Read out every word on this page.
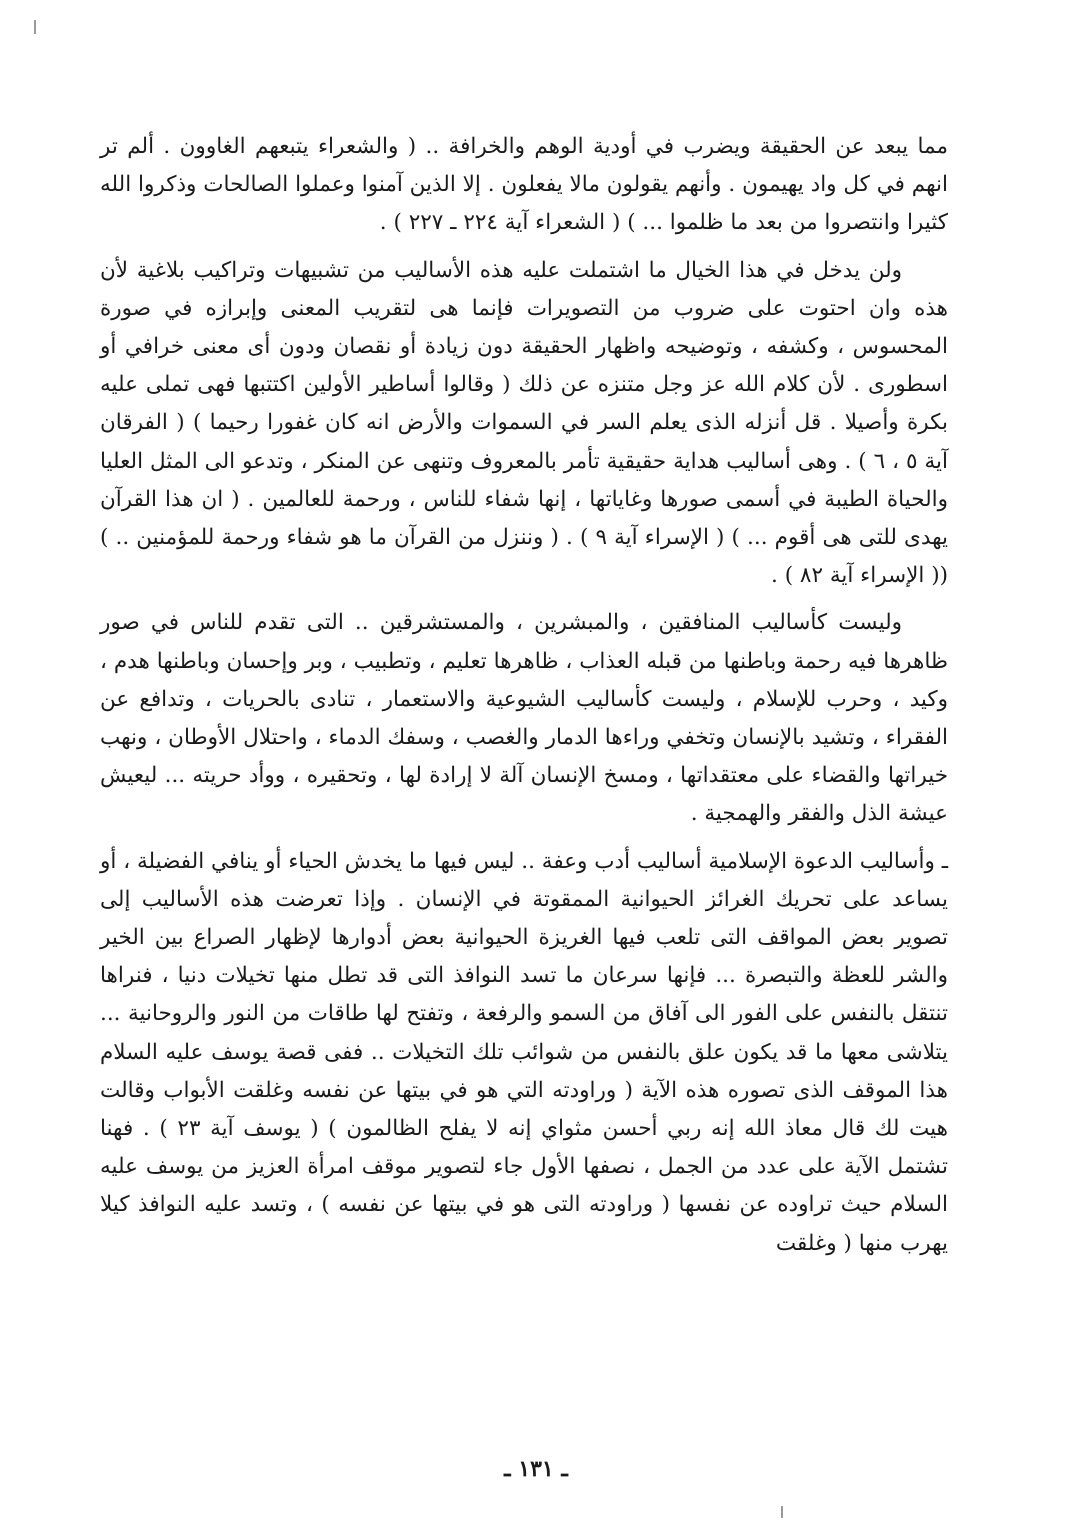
مما يبعد عن الحقيقة ويضرب في أودية الوهم والخرافة .. ( والشعراء يتبعهم الغاوون . ألم تر انهم في كل واد يهيمون . وأنهم يقولون مالا يفعلون . إلا الذين آمنوا وعملوا الصالحات وذكروا الله كثيرا وانتصروا من بعد ما ظلموا ... ) ( الشعراء آية ٢٢٤ ـ ٢٢٧ ) .

ولن يدخل في هذا الخيال ما اشتملت عليه هذه الأساليب من تشبيهات وتراكيب بلاغية لأن هذه وان احتوت على ضروب من التصويرات فإنما هى لتقريب المعنى وإبرازه في صورة المحسوس ، وكشفه ، وتوضيحه واظهار الحقيقة دون زيادة أو نقصان ودون أى معنى خرافي أو اسطورى . لأن كلام الله عز وجل متنزه عن ذلك ( وقالوا أساطير الأولين اكتتبها فهى تملى عليه بكرة وأصيلا . قل أنزله الذى يعلم السر في السموات والأرض انه كان غفورا رحيما ) ( الفرقان آية ٥ ، ٦ ) . وهى أساليب هداية حقيقية تأمر بالمعروف وتنهى عن المنكر ، وتدعو الى المثل العليا والحياة الطيبة في أسمى صورها وغاياتها ، إنها شفاء للناس ، ورحمة للعالمين . ( ان هذا القرآن يهدى للتى هى أقوم ... ) ( الإسراء آية ٩ ) . ( وننزل من القرآن ما هو شفاء ورحمة للمؤمنين .. ) (( الإسراء آية ٨٢ ) .

وليست كأساليب المنافقين ، والمبشرين ، والمستشرقين .. التى تقدم للناس في صور ظاهرها فيه رحمة وباطنها من قبله العذاب ، ظاهرها تعليم ، وتطبيب ، وبر وإحسان وباطنها هدم ، وكيد ، وحرب للإسلام ، وليست كأساليب الشيوعية والاستعمار ، تنادى بالحريات ، وتدافع عن الفقراء ، وتشيد بالإنسان وتخفي وراءها الدمار والغصب ، وسفك الدماء ، واحتلال الأوطان ، ونهب خيراتها والقضاء على معتقداتها ، ومسخ الإنسان آلة لا إرادة لها ، وتحقيره ، ووأد حريته ... ليعيش عيشة الذل والفقر والهمجية .

ـ وأساليب الدعوة الإسلامية أساليب أدب وعفة .. ليس فيها ما يخدش الحياء أو ينافي الفضيلة ، أو يساعد على تحريك الغرائز الحيوانية الممقوتة في الإنسان . وإذا تعرضت هذه الأساليب إلى تصوير بعض المواقف التى تلعب فيها الغريزة الحيوانية بعض أدوارها لإظهار الصراع بين الخير والشر للعظة والتبصرة ... فإنها سرعان ما تسد النوافذ التى قد تطل منها تخيلات دنيا ، فنراها تنتقل بالنفس على الفور الى آفاق من السمو والرفعة ، وتفتح لها طاقات من النور والروحانية ... يتلاشى معها ما قد يكون علق بالنفس من شوائب تلك التخيلات .. ففى قصة يوسف عليه السلام هذا الموقف الذى تصوره هذه الآية ( وراودته التي هو في بيتها عن نفسه وغلقت الأبواب وقالت هيت لك قال معاذ الله إنه ربي أحسن مثواي إنه لا يفلح الظالمون ) ( يوسف آية ٢٣ ) . فهنا تشتمل الآية على عدد من الجمل ، نصفها الأول جاء لتصوير موقف امرأة العزيز من يوسف عليه السلام حيث تراوده عن نفسها ( وراودته التى هو في بيتها عن نفسه ) ، وتسد عليه النوافذ كيلا يهرب منها ( وغلقت

ـ ١٣١ ـ
